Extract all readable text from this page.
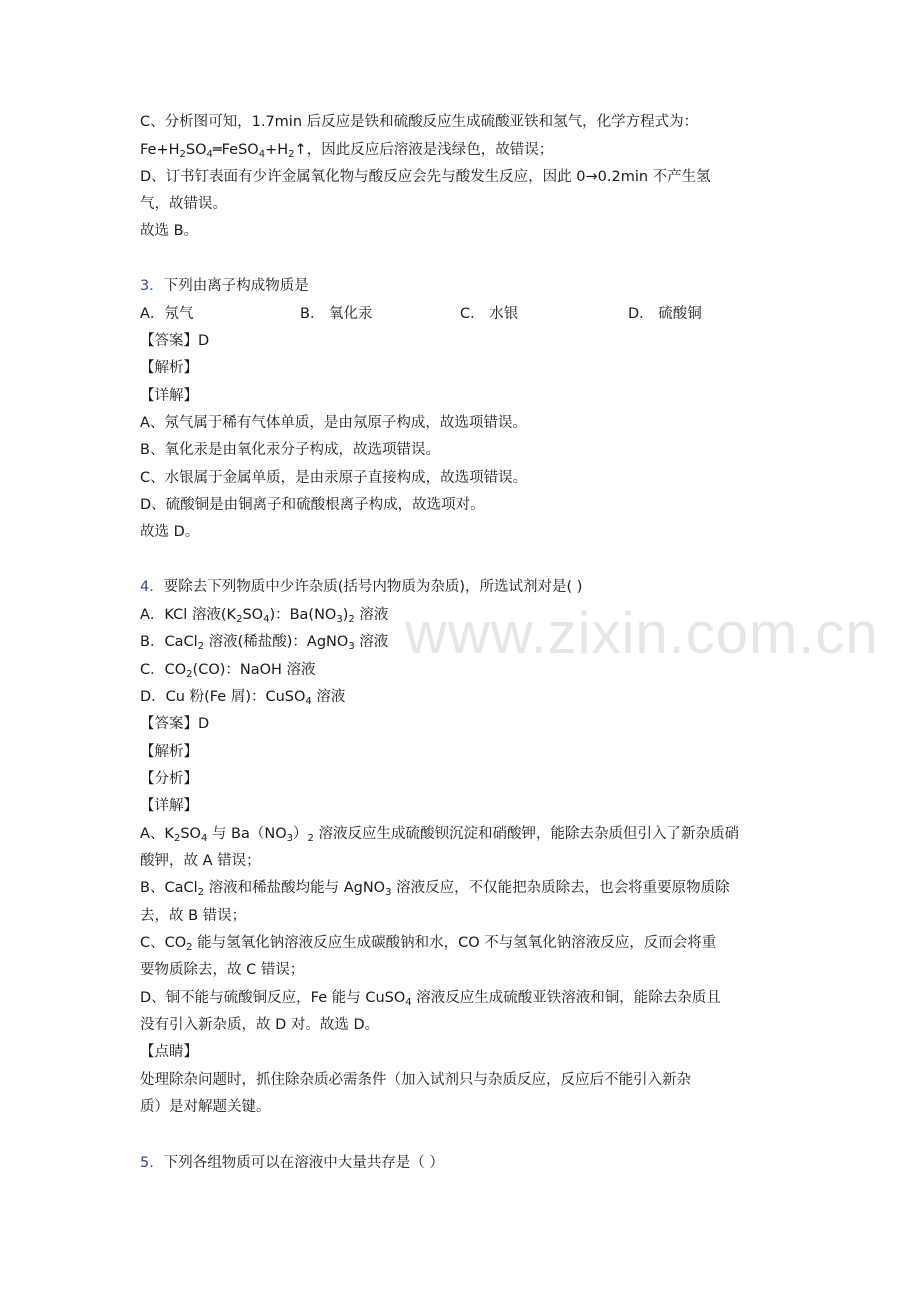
www.zixin.com.cn
C、分析图可知，1.7min 后反应是铁和硫酸反应生成硫酸亚铁和氢气，化学方程式为：
$Fe+H_2SO_4═FeSO_4+H_2↑$，因此反应后溶液是浅绿色，故错误；
D、订书钉表面有少许金属氧化物与酸反应会先与酸发生反应，因此 0→0.2min 不产生氢
气，故错误。
故选 B。
3．下列由离子构成物质是
A．氖气	B． 氧化汞	C． 水银	D． 硫酸铜
【答案】D
【解析】
【详解】
A、氖气属于稀有气体单质，是由氖原子构成，故选项错误。
B、氧化汞是由氧化汞分子构成，故选项错误。
C、水银属于金属单质，是由汞原子直接构成，故选项错误。
D、硫酸铜是由铜离子和硫酸根离子构成，故选项对。
故选 D。
4．要除去下列物质中少许杂质(括号内物质为杂质)，所选试剂对是( )
A．KCl 溶液$(K_2SO_4)$：$Ba(NO_3)_2$ 溶液
B．CaCl$_2$ 溶液(稀盐酸)：AgNO$_3$ 溶液
C．$CO_2(CO)$：NaOH 溶液
D．Cu 粉(Fe 屑)：CuSO$_4$ 溶液
【答案】D
【解析】
【分析】
【详解】
A、$K_2SO_4$ 与 $Ba(NO_3)_2$ 溶液反应生成硫酸钡沉淀和硝酸钾，能除去杂质但引入了新杂质硝
酸钾，故 A 错误；
B、CaCl$_2$ 溶液和稀盐酸均能与 AgNO$_3$ 溶液反应，不仅能把杂质除去，也会将重要原物质除
去，故 B 错误；
C、$CO_2$ 能与氢氧化钠溶液反应生成碳酸钠和水，CO 不与氢氧化钠溶液反应，反而会将重
要物质除去，故 C 错误；
D、铜不能与硫酸铜反应，Fe 能与 CuSO$_4$ 溶液反应生成硫酸亚铁溶液和铜，能除去杂质且
没有引入新杂质，故 D 对。故选 D。
【点睛】
处理除杂问题时，抓住除杂质必需条件（加入试剂只与杂质反应，反应后不能引入新杂
质）是对解题关键。
5．下列各组物质可以在溶液中大量共存是（ ）
